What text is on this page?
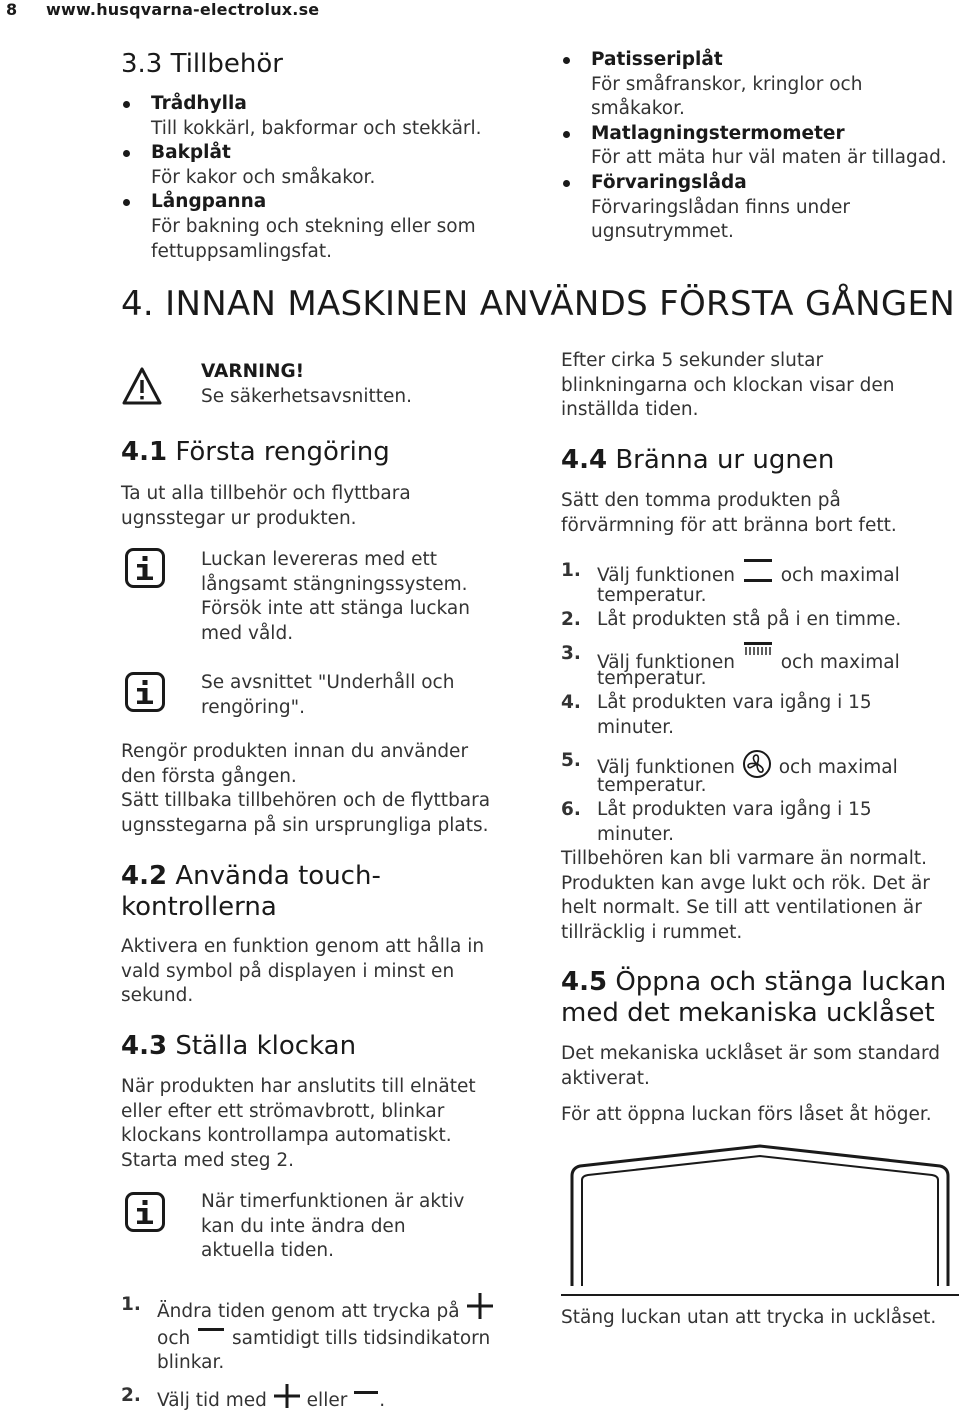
8 www.husqvarna-electrolux.se
3.3 Tillbehör
Trådhylla
Till kokkärl, bakformar och stekkärl.
Bakplåt
För kakor och småkakor.
Långpanna
För bakning och stekning eller som
fettuppsamlingsfat.
Patisseriplåt
För småfranskor, kringlor och
småkakor.
Matlagningstermometer
För att mäta hur väl maten är tillagad.
Förvaringslåda
Förvaringslådan finns under
ugnsutrymmet.
4. INNAN MASKINEN ANVÄNDS FÖRSTA GÅNGEN
VARNING!
Se säkerhetsavsnitten.
4.1 Första rengöring
Ta ut alla tillbehör och flyttbara
ugnsstegar ur produkten.
Luckan levereras med ett
långsamt stängningssystem.
Försök inte att stänga luckan
med våld.
Se avsnittet "Underhåll och
rengöring".
Rengör produkten innan du använder
den första gången.
Sätt tillbaka tillbehören och de flyttbara
ugnsstegarna på sin ursprungliga plats.
4.2 Använda touch-
kontrollerna
Aktivera en funktion genom att hålla in
vald symbol på displayen i minst en
sekund.
4.3 Ställa klockan
När produkten har anslutits till elnätet
eller efter ett strömavbrott, blinkar
klockans kontrollampa automatiskt.
Starta med steg 2.
När timerfunktionen är aktiv
kan du inte ändra den
aktuella tiden.
1. Ändra tiden genom att trycka på
och samtidigt tills tidsindikatorn
blinkar.
2. Välj tid med eller .
Efter cirka 5 sekunder slutar
blinkningarna och klockan visar den
inställda tiden.
4.4 Bränna ur ugnen
Sätt den tomma produkten på
förvärmning för att bränna bort fett.
1. Välj funktionen och maximal
temperatur.
2. Låt produkten stå på i en timme.
3. Välj funktionen och maximal
temperatur.
4. Låt produkten vara igång i 15
minuter.
5. Välj funktionen och maximal
temperatur.
6. Låt produkten vara igång i 15
minuter.
Tillbehören kan bli varmare än normalt.
Produkten kan avge lukt och rök. Det är
helt normalt. Se till att ventilationen är
tillräcklig i rummet.
4.5 Öppna och stänga luckan
med det mekaniska ucklåset
Det mekaniska ucklåset är som standard
aktiverat.
För att öppna luckan förs låset åt höger.
Stäng luckan utan att trycka in ucklåset.
